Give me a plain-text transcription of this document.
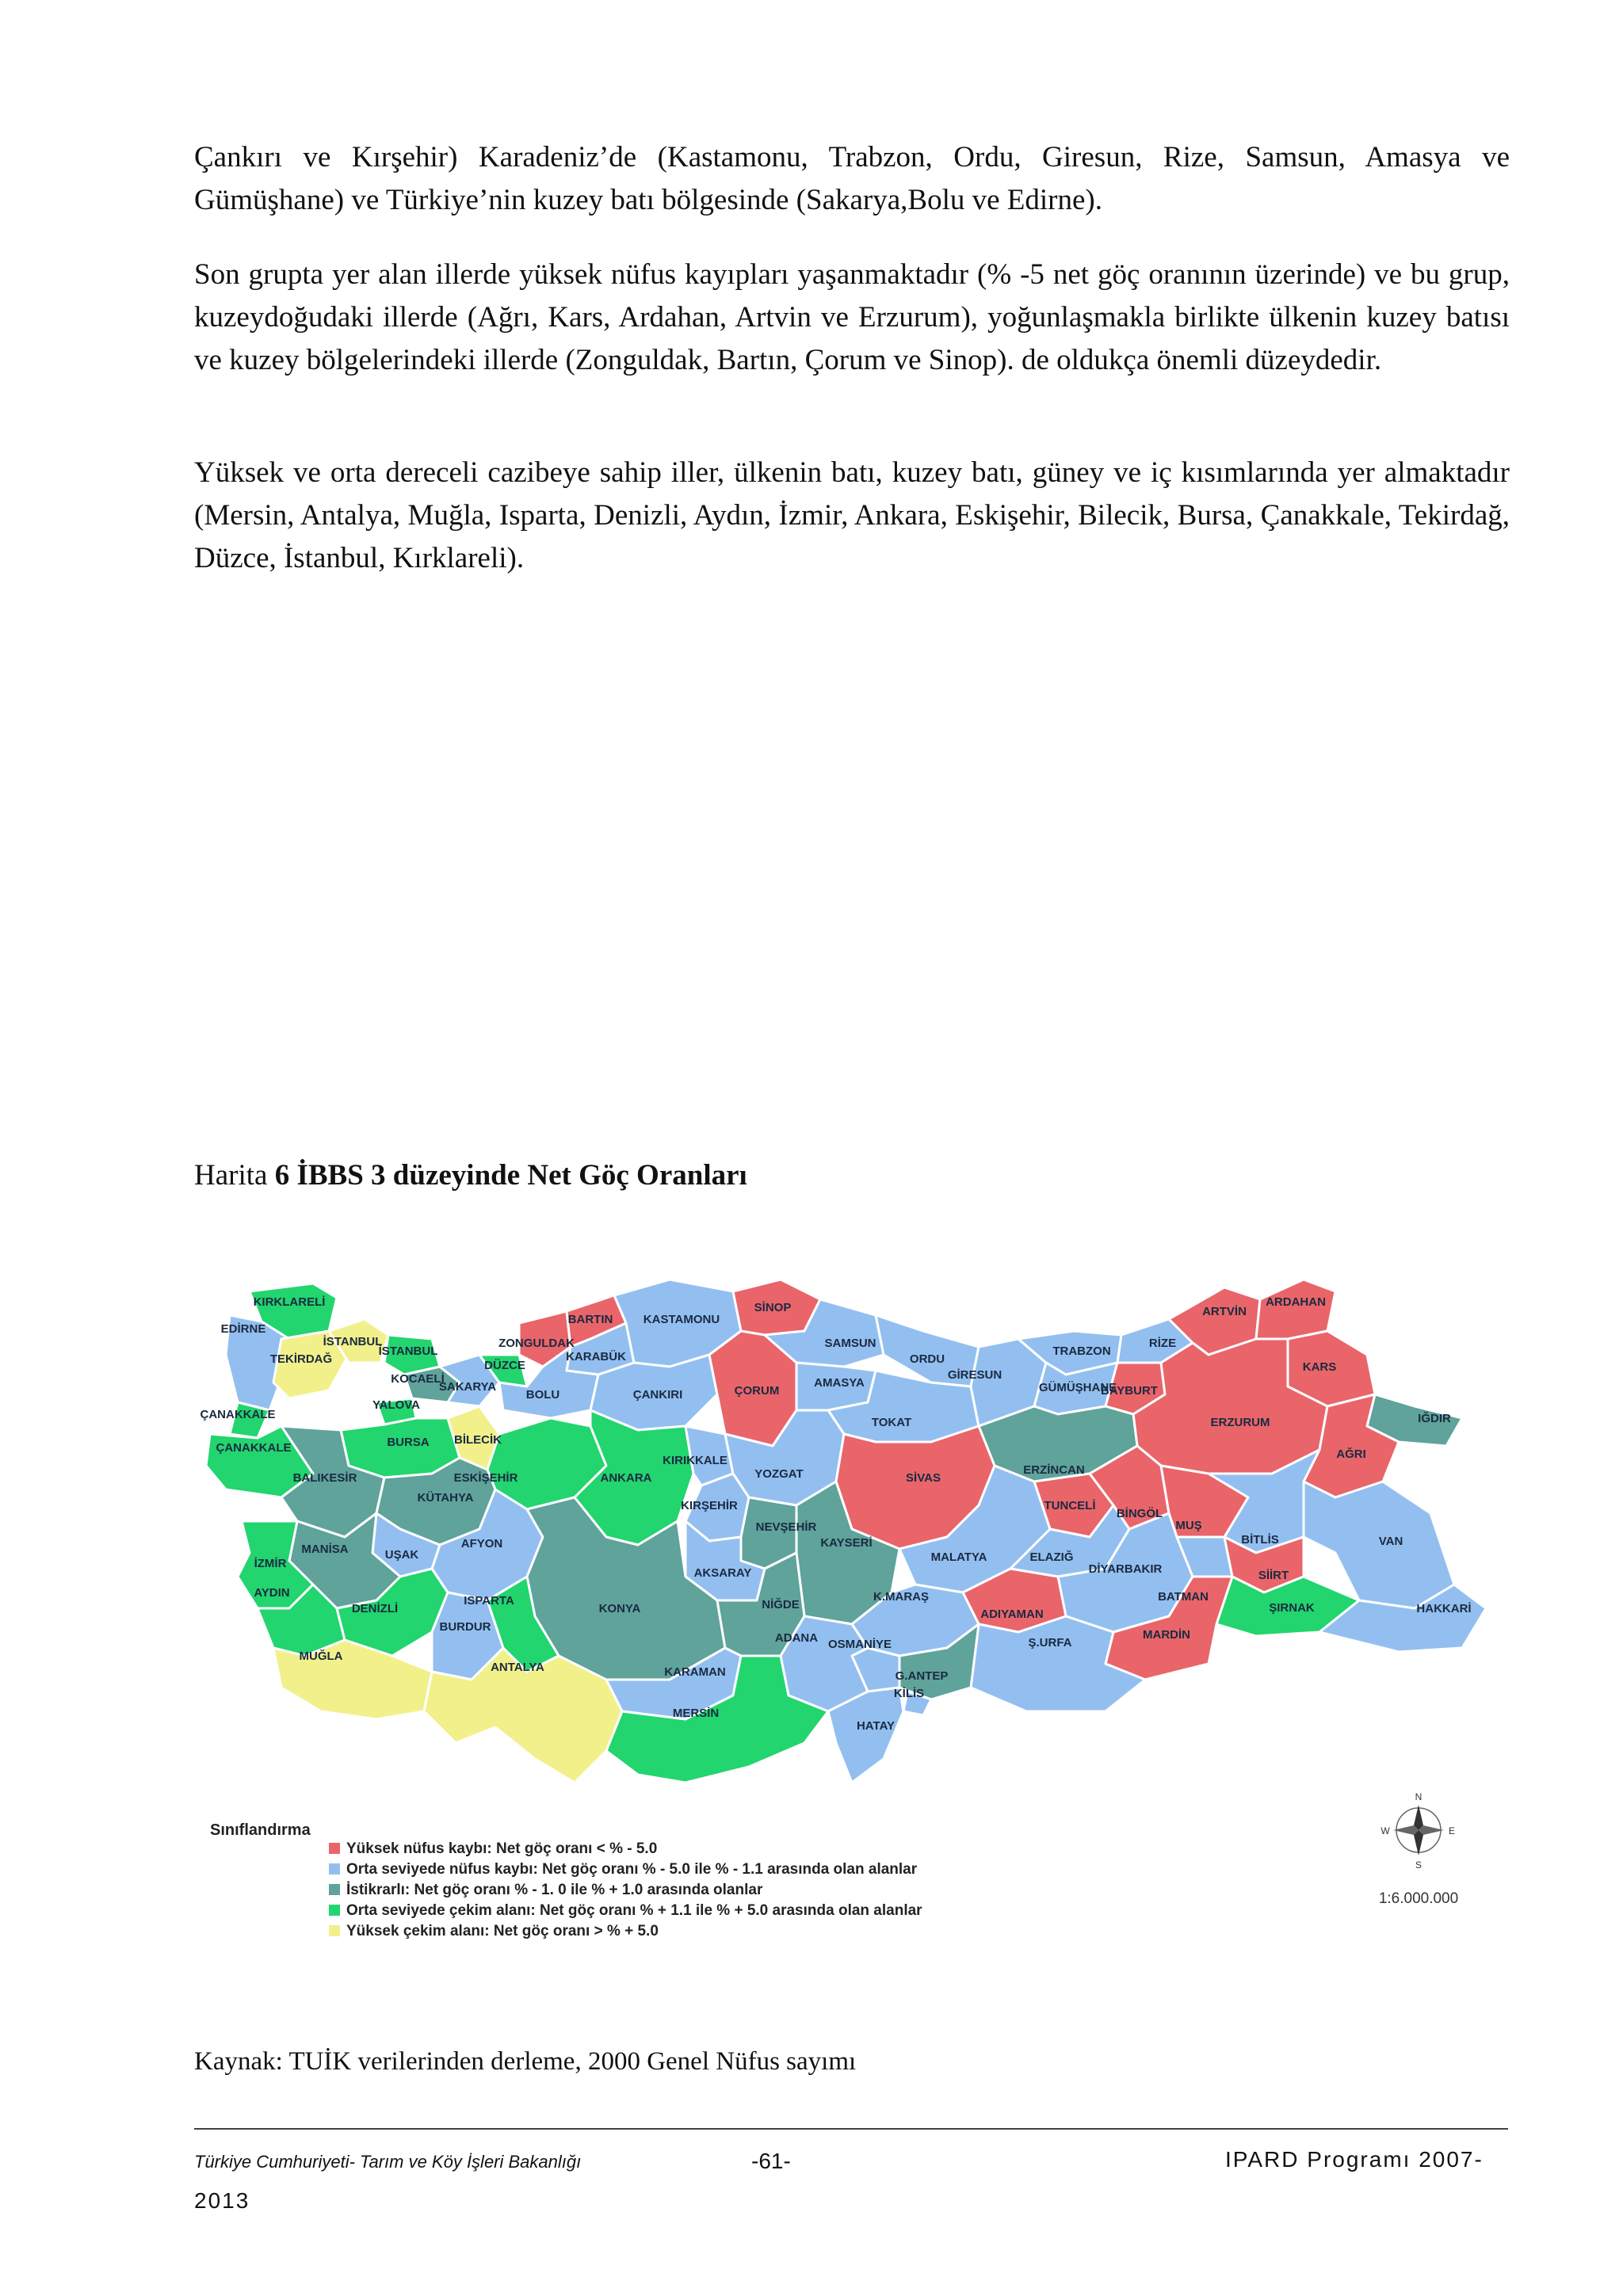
Çankırı ve Kırşehir) Karadeniz’de (Kastamonu, Trabzon, Ordu, Giresun, Rize, Samsun, Amasya ve Gümüşhane) ve Türkiye’nin kuzey batı bölgesinde (Sakarya,Bolu ve Edirne).

Son grupta yer alan illerde yüksek nüfus kayıpları yaşanmaktadır (% -5 net göç oranının üzerinde) ve bu grup, kuzeydoğudaki illerde (Ağrı, Kars, Ardahan, Artvin ve Erzurum), yoğunlaşmakla birlikte ülkenin kuzey batısı ve kuzey bölgelerindeki illerde (Zonguldak, Bartın, Çorum ve Sinop). de oldukça önemli düzeydedir.

Yüksek ve orta dereceli cazibeye sahip iller, ülkenin batı, kuzey batı, güney ve iç kısımlarında yer almaktadır (Mersin, Antalya, Muğla, Isparta, Denizli, Aydın, İzmir, Ankara, Eskişehir, Bilecik, Bursa, Çanakkale, Tekirdağ, Düzce, İstanbul, Kırklareli).

Harita 6 İBBS 3 düzeyinde Net Göç Oranları

KIRKLARELİ
EDİRNE
TEKİRDAĞ
İSTANBUL	ZONGULDAK
BARTIN
KARABÜK
KASTAMONU
SİNOP
SAMSUN	RİZE
ARTVİN
ARDAHAN
İSTANBUL
KOCAELİ
SAKARYA
DÜZCE
BOLU	ÇANKIRI	ÇORUM
AMASYA
ORDU
GİRESUN
TRABZON
GÜMÜŞHANE
BAYBURT
KARS
ÇANAKKALE
YALOVA
BURSA BİLECİK
ERZURUM	IĞDIR
ÇANAKKALE
TOKAT
BALIKESİR	ESKİŞEHİR	ANKARA
KIRIKKALE
YOZGAT	SİVAS
ERZİNCAN
AĞRI
KÜTAHYA
KIRŞEHİR	TUNCELİ
BİNGÖL
MUŞ
VAN
MANİSA	UŞAK
AFYON
NEVŞEHİR
KAYSERİ
MALATYA	ELAZIĞ
BİTLİS
İZMİR
AKSARAY	DİYARBAKIR	SİİRT
AYDIN
DENİZLİ
ISPARTA
KONYA	NİĞDE
K.MARAŞ
ADIYAMAN
BATMAN
HAKKARİ
ŞIRNAK
BURDUR
ADANA OSMANİYE	Ş.URFA
MARDİN
MUĞLA
ANTALYA	KARAMAN	G.ANTEP
KİLİS
MERSİN
HATAY
Sınıflandırma
Yüksek nüfus kaybı: Net göç oranı < % - 5.0
Orta seviyede nüfus kaybı: Net göç oranı % - 5.0 ile % - 1.1 arasında olan alanlar
İstikrarlı: Net göç oranı % - 1. 0 ile % + 1.0 arasında olanlar
Orta seviyede çekim alanı: Net göç oranı % + 1.1 ile % + 5.0 arasında olan alanlar
Yüksek çekim alanı: Net göç oranı > % + 5.0
N
E
S
W
1:6.000.000

Kaynak: TUİK verilerinden derleme, 2000 Genel Nüfus sayımı

Türkiye Cumhuriyeti- Tarım ve Köy İşleri Bakanlığı	-61-	IPARD Programı 2007-
2013
